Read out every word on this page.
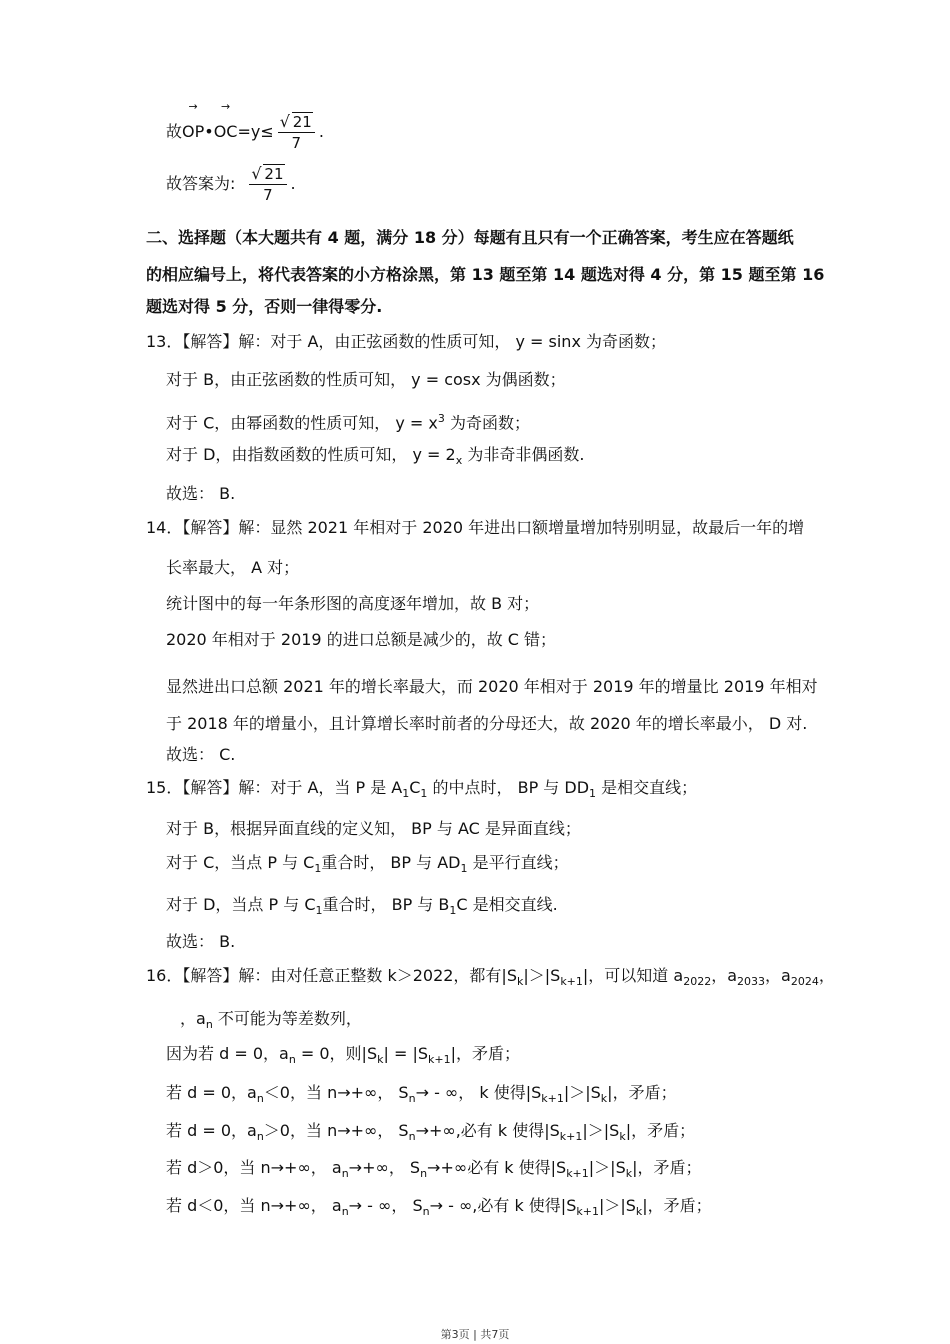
故→ OP•→ OC=y≤ √ $\frac{21}{7}$ .
故答案为: √ $\frac{21}{7}$ .
二、选择题（本大题共有 4 题，满分 18 分）每题有且只有一个正确答案，考生应在答题纸
的相应编号上，将代表答案的小方格涂黑，第 13 题至第 14 题选对得 4 分，第 15 题至第 16
题选对得 5 分，否则一律得零分.
13．【解答】解：对于 A，由正弦函数的性质可知， y = sinx 为奇函数；
对于 B，由正弦函数的性质可知， y = cosx 为偶函数；
对于 C，由幂函数的性质可知， $y = x^3$ 为奇函数；
对于 D，由指数函数的性质可知， $y = 2_x$ 为非奇非偶函数.
故选： B.
14．【解答】解：显然 2021 年相对于 2020 年进出口额增量增加特别明显，故最后一年的增
长率最大， A 对；
统计图中的每一年条形图的高度逐年增加，故 B 对；
2020 年相对于 2019 的进口总额是减少的，故 C 错；
显然进出口总额 2021 年的增长率最大，而 2020 年相对于 2019 年的增量比 2019 年相对
于 2018 年的增量小，且计算增长率时前者的分母还大，故 2020 年的增长率最小， D 对.
故选： C.
15．【解答】解：对于 A，当 P 是 $A_1C_1$ 的中点时， BP 与 $DD_1$ 是相交直线；
对于 B，根据异面直线的定义知， BP 与 AC 是异面直线；
对于 C，当点 P 与 $C_1$重合时， BP 与 $AD_1$ 是平行直线；
对于 D，当点 P 与 $C_1$重合时， BP 与 $B_1C$ 是相交直线.
故选： B.
16．【解答】解：由对任意正整数 k＞2022，都有$|S_k|>|S_{k+1}|$，可以知道 $a_{2022}$，$a_{2033}$，$a_{2024}$，
，$a_n$ 不可能为等差数列，
因为若 d = 0，$a_n = 0$，则$|S_k| = |S_{k+1}|$，矛盾；
若 d = 0，$a_n<0$，当 n→+∞， $S_n\to$ - ∞， k 使得$|S_{k+1}|>|S_k|$，矛盾；
若 d = 0，$a_n>0$，当 n→+∞， $S_n\to+\infty$,必有 k 使得$|S_{k+1}|>|S_k|$，矛盾；
若 d＞0，当 n→+∞， $a_n\to+\infty$， $S_n\to+\infty$必有 k 使得$|S_{k+1}|>|S_k|$，矛盾；
若 d＜0，当 n→+∞， $a_n\to$ - ∞， $S_n\to$ - ∞,必有 k 使得$|S_{k+1}|>|S_k|$，矛盾；
第3页 | 共7页
